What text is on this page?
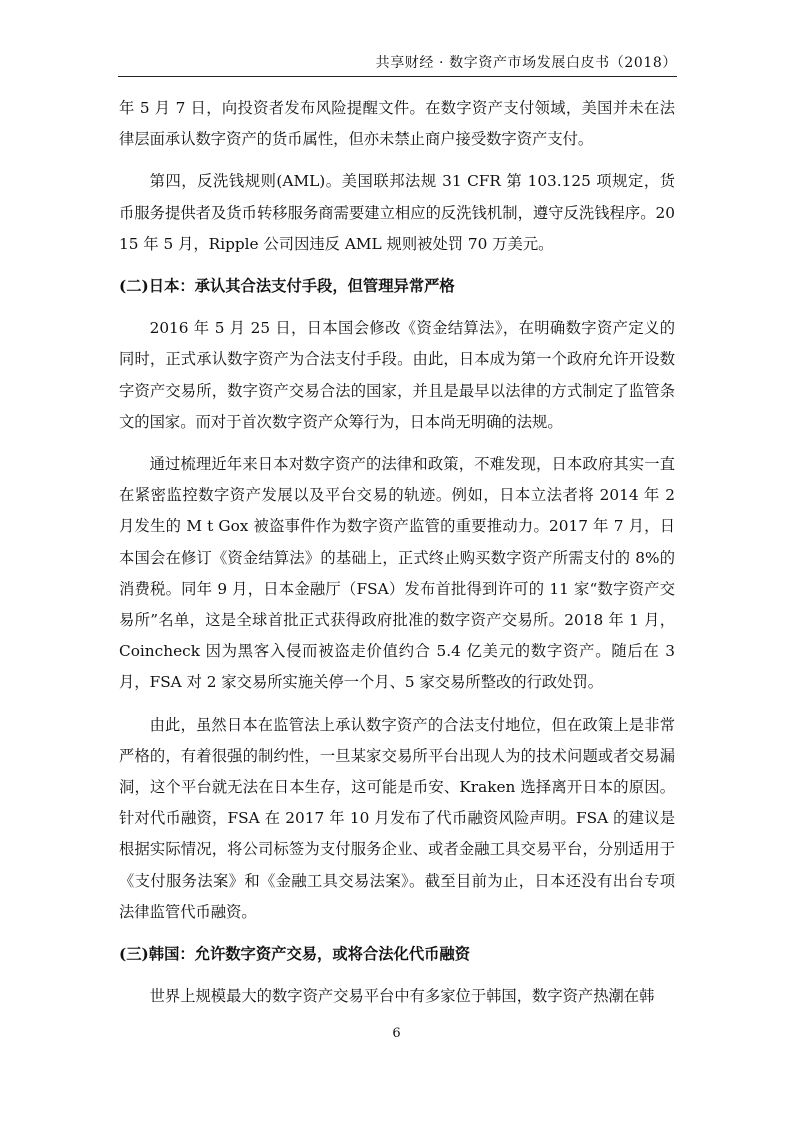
共享财经 · 数字资产市场发展白皮书（2018）

年 5 月 7 日，向投资者发布风险提醒文件。在数字资产支付领域，美国并未在法律层面承认数字资产的货币属性，但亦未禁止商户接受数字资产支付。

第四，反洗钱规则(AML)。美国联邦法规 31 CFR 第 103.125 项规定，货币服务提供者及货币转移服务商需要建立相应的反洗钱机制，遵守反洗钱程序。2015 年 5 月，Ripple 公司因违反 AML 规则被处罚 70 万美元。

(二)日本：承认其合法支付手段，但管理异常严格

2016 年 5 月 25 日，日本国会修改《资金结算法》，在明确数字资产定义的同时，正式承认数字资产为合法支付手段。由此，日本成为第一个政府允许开设数字资产交易所，数字资产交易合法的国家，并且是最早以法律的方式制定了监管条文的国家。而对于首次数字资产众筹行为，日本尚无明确的法规。

通过梳理近年来日本对数字资产的法律和政策，不难发现，日本政府其实一直在紧密监控数字资产发展以及平台交易的轨迹。例如，日本立法者将 2014 年 2 月发生的 M t Gox 被盗事件作为数字资产监管的重要推动力。2017 年 7 月，日本国会在修订《资金结算法》的基础上，正式终止购买数字资产所需支付的 8%的消费税。同年 9 月，日本金融厅（FSA）发布首批得到许可的 11 家“数字资产交易所”名单，这是全球首批正式获得政府批准的数字资产交易所。2018 年 1 月，Coincheck 因为黑客入侵而被盗走价值约合 5.4 亿美元的数字资产。随后在 3 月，FSA 对 2 家交易所实施关停一个月、5 家交易所整改的行政处罚。

由此，虽然日本在监管法上承认数字资产的合法支付地位，但在政策上是非常严格的，有着很强的制约性，一旦某家交易所平台出现人为的技术问题或者交易漏洞，这个平台就无法在日本生存，这可能是币安、Kraken 选择离开日本的原因。针对代币融资，FSA 在 2017 年 10 月发布了代币融资风险声明。FSA 的建议是根据实际情况，将公司标签为支付服务企业、或者金融工具交易平台，分别适用于《支付服务法案》和《金融工具交易法案》。截至目前为止，日本还没有出台专项法律监管代币融资。

(三)韩国：允许数字资产交易，或将合法化代币融资

世界上规模最大的数字资产交易平台中有多家位于韩国，数字资产热潮在韩

6
